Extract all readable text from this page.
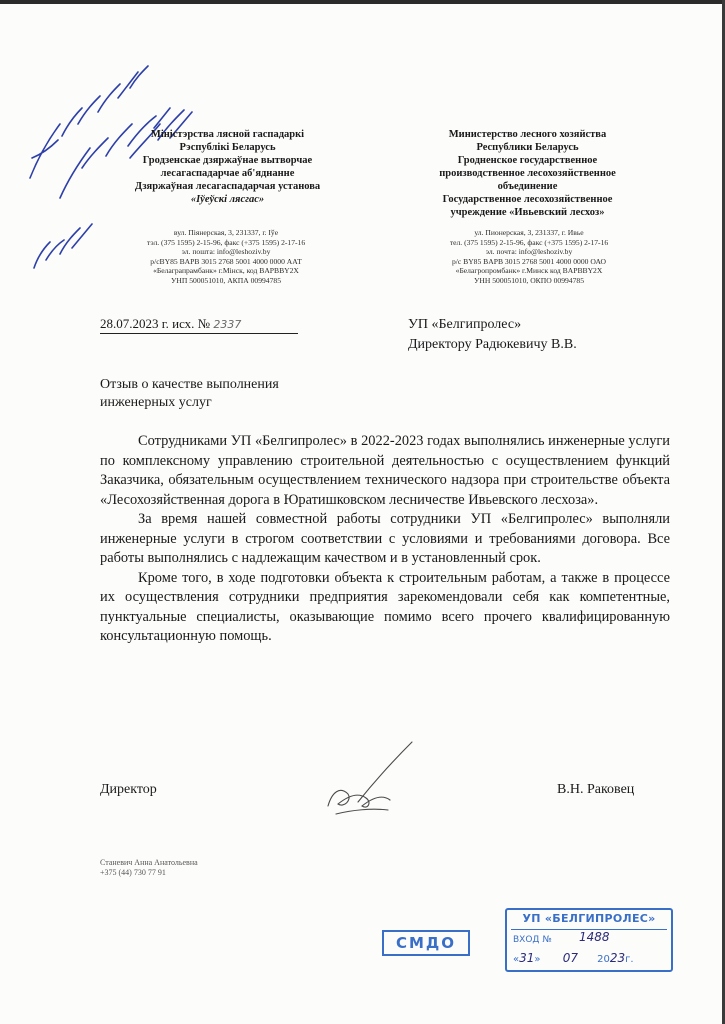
Міністэрства лясной гаспадаркі
Рэспублікі Беларусь
Гродзенскае дзяржаўнае вытворчае
лесагаспадарчае аб'яднанне
Дзяржаўная лесагаспадарчая установа
«Іўеўскі лясгас»
Министерство лесного хозяйства
Республики Беларусь
Гродненское государственное
производственное лесохозяйственное
объединение
Государственное лесохозяйственное
учреждение «Ивьевский лесхоз»
вул. Піянерская, 3, 231337, г. Іўе
тэл. (375 1595) 2-15-96, факс (+375 1595) 2-17-16
эл. пошта: info@leshoziv.by
р/сBY85 BAPB 3015 2768 5001 4000 0000 ААТ
«Белаграпрамбанк» г.Мінск, код BAPBBY2X
УНП 500051010, АКПА 00994785
ул. Пионерская, 3, 231337, г. Ивье
тел. (375 1595) 2-15-96, факс (+375 1595) 2-17-16
эл. почта: info@leshoziv.by
р/с BY85 BAPB 3015 2768 5001 4000 0000 ОАО
«Белагропромбанк» г.Минск код BAPBBY2X
УНН 500051010, ОКПО 00994785
28.07.2023 г. исх. № 2337	УП «Белгипролес»
Директору Радюкевичу В.В.
Отзыв о качестве выполнения
инженерных услуг

Сотрудниками УП «Белгипролес» в 2022-2023 годах выполнялись инженерные услуги по комплексному управлению строительной деятельностью с осуществлением функций Заказчика, обязательным осуществлением технического надзора при строительстве объекта «Лесохозяйственная дорога в Юратишковском лесничестве Ивьевского лесхоза».

За время нашей совместной работы сотрудники УП «Белгипролес» выполняли инженерные услуги в строгом соответствии с условиями и требованиями договора. Все работы выполнялись с надлежащим качеством и в установленный срок.

Кроме того, в ходе подготовки объекта к строительным работам, а также в процессе их осуществления сотрудники предприятия зарекомендовали себя как компетентные, пунктуальные специалисты, оказывающие помимо всего прочего квалифицированную консультационную помощь.

Директор	В.Н. Раковец
Станевич Анна Анатольевна
+375 (44) 730 77 91
СМДО
УП «БЕЛГИПРОЛЕС»
ВХОД № 1488
«31»       07 2023г.
